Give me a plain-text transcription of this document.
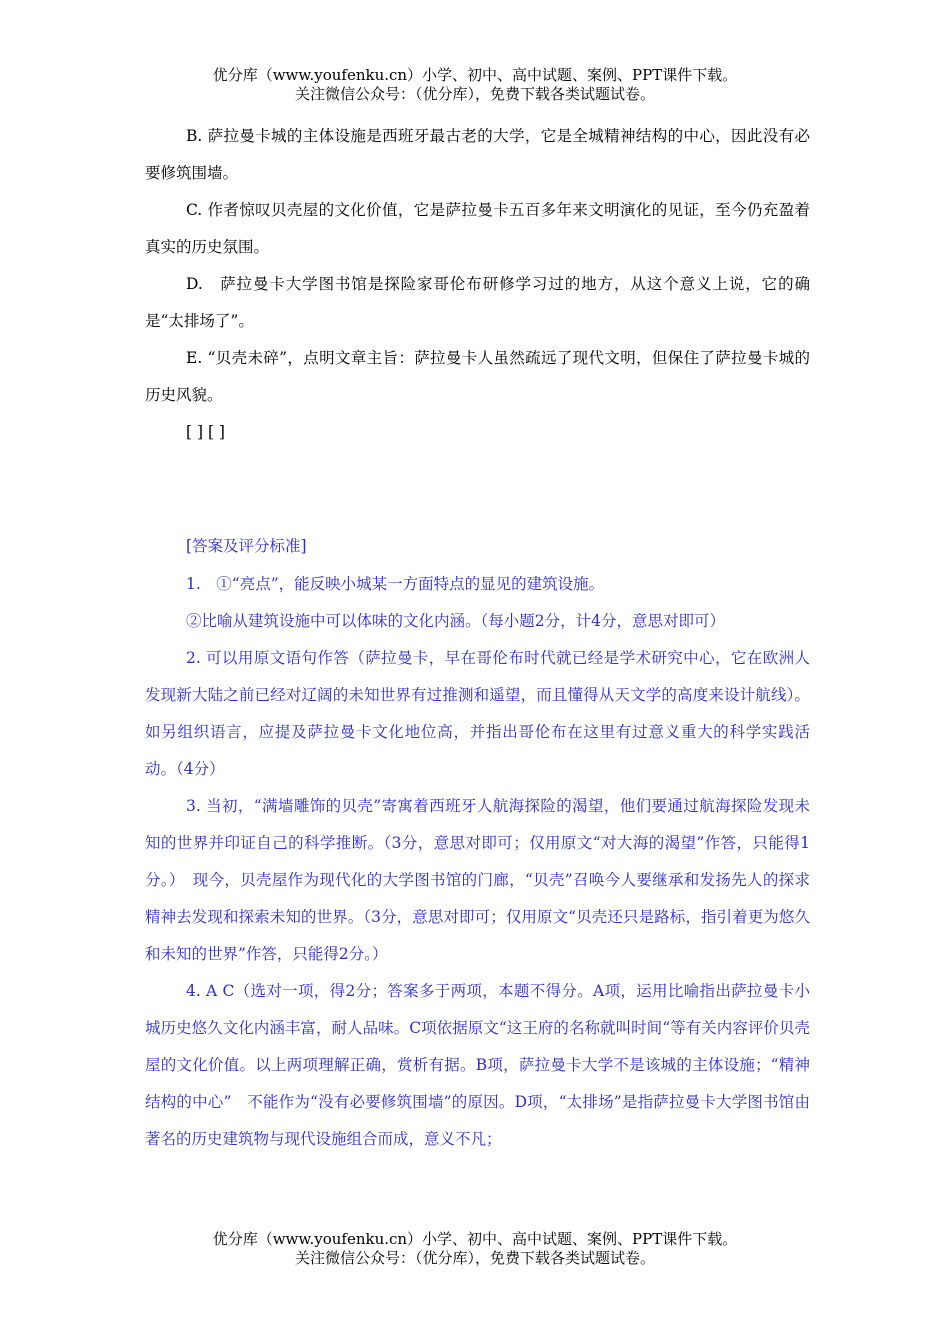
优分库（www.youfenku.cn）小学、初中、高中试题、案例、PPT课件下载。
关注微信公众号：（优分库），免费下载各类试题试卷。

B. 萨拉曼卡城的主体设施是西班牙最古老的大学，它是全城精神结构的中心，因此没有必要修筑围墙。

C. 作者惊叹贝壳屋的文化价值，它是萨拉曼卡五百多年来文明演化的见证，至今仍充盈着真实的历史氛围。

D.　萨拉曼卡大学图书馆是探险家哥伦布研修学习过的地方，从这个意义上说，它的确是“太排场了”。

E. “贝壳未碎”，点明文章主旨：萨拉曼卡人虽然疏远了现代文明，但保住了萨拉曼卡城的历史风貌。

[ ] [ ]

[答案及评分标准]

1.　①“亮点”，能反映小城某一方面特点的显见的建筑设施。

②比喻从建筑设施中可以体味的文化内涵。（每小题2分，计4分，意思对即可）

2. 可以用原文语句作答（萨拉曼卡，早在哥伦布时代就已经是学术研究中心，它在欧洲人发现新大陆之前已经对辽阔的未知世界有过推测和遥望，而且懂得从天文学的高度来设计航线）。如另组织语言，应提及萨拉曼卡文化地位高，并指出哥伦布在这里有过意义重大的科学实践活动。（4分）

3. 当初，“满墙雕饰的贝壳”寄寓着西班牙人航海探险的渴望，他们要通过航海探险发现未知的世界并印证自己的科学推断。（3分，意思对即可；仅用原文“对大海的渴望”作答，只能得1分。）　现今，贝壳屋作为现代化的大学图书馆的门廊，“贝壳”召唤今人要继承和发扬先人的探求精神去发现和探索未知的世界。（3分，意思对即可；仅用原文“贝壳还只是路标，指引着更为悠久和未知的世界”作答，只能得2分。）

4. A C（选对一项，得2分；答案多于两项，本题不得分。A项，运用比喻指出萨拉曼卡小城历史悠久文化内涵丰富，耐人品味。C项依据原文“这王府的名称就叫时间“等有关内容评价贝壳屋的文化价值。以上两项理解正确，赏析有据。B项，萨拉曼卡大学不是该城的主体设施；“精神结构的中心”　不能作为“没有必要修筑围墙”的原因。D项，“太排场”是指萨拉曼卡大学图书馆由著名的历史建筑物与现代设施组合而成，意义不凡；

优分库（www.youfenku.cn）小学、初中、高中试题、案例、PPT课件下载。
关注微信公众号：（优分库），免费下载各类试题试卷。
